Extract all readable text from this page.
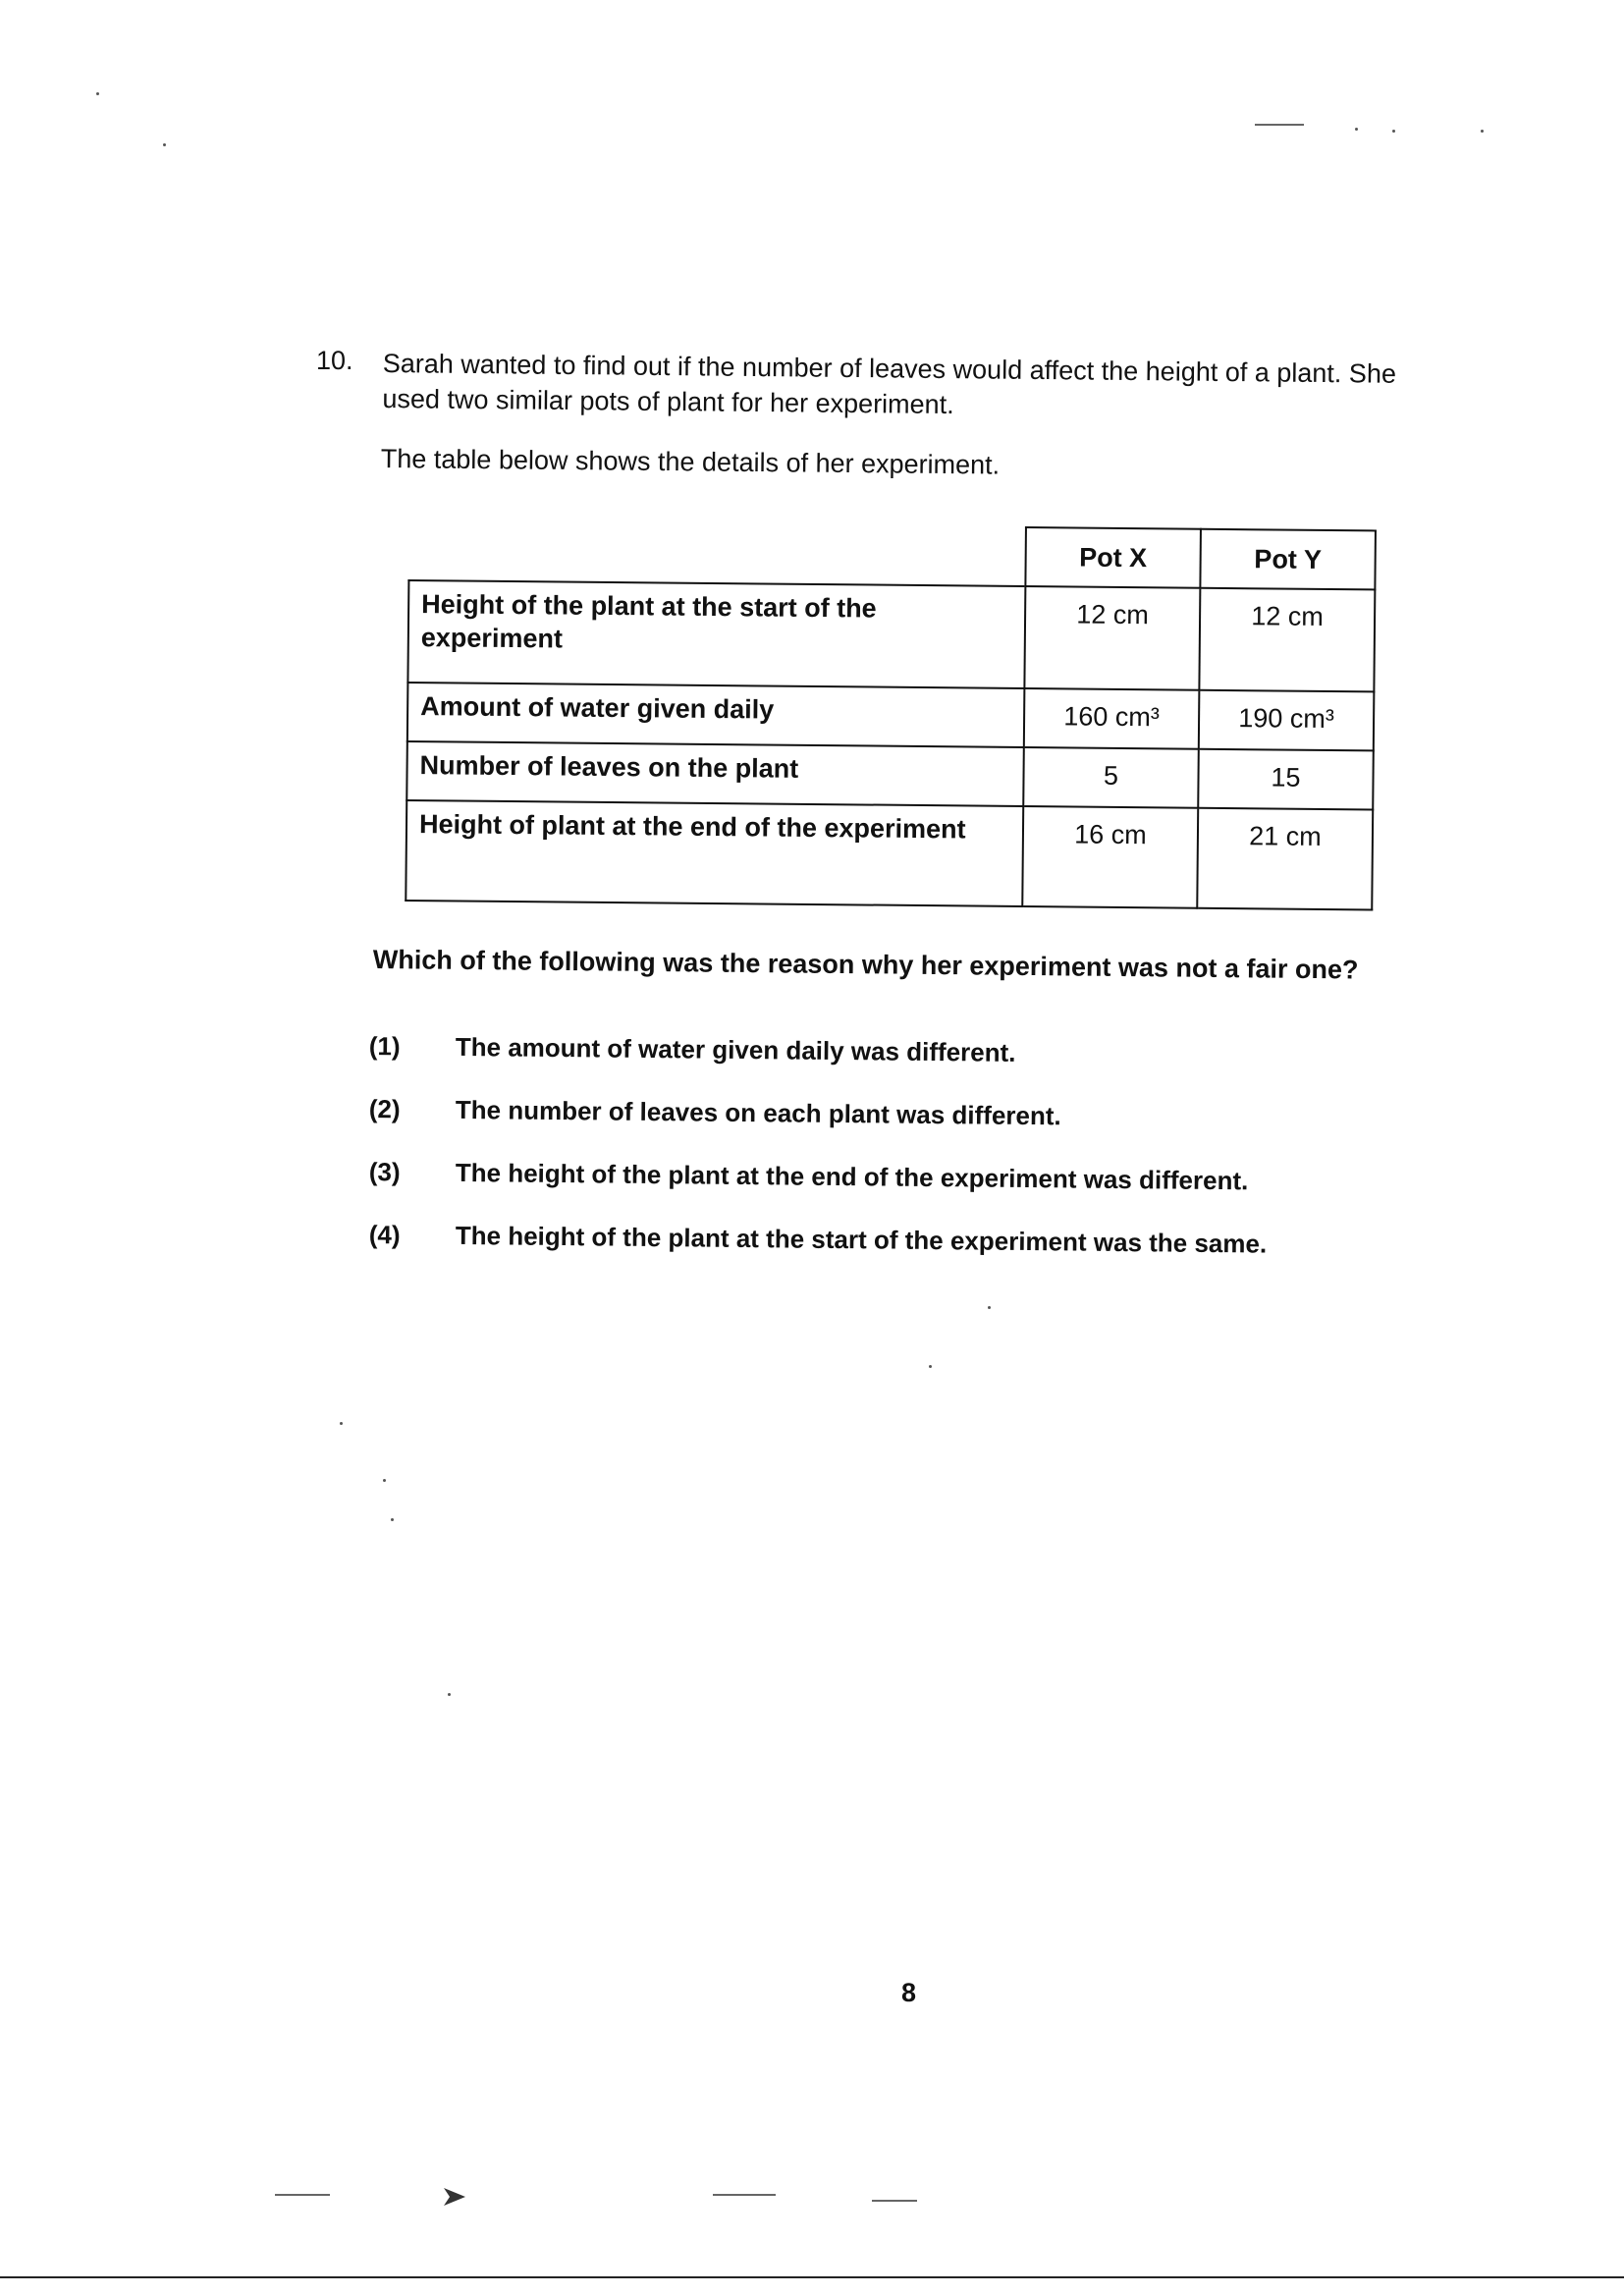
10. Sarah wanted to find out if the number of leaves would affect the height of a plant. She
used two similar pots of plant for her experiment.
The table below shows the details of her experiment.
	Pot X	Pot Y
Height of the plant at the start of the experiment	12 cm	12 cm
Amount of water given daily	160 cm³	190 cm³
Number of leaves on the plant	5	15
Height of plant at the end of the experiment	16 cm	21 cm
Which of the following was the reason why her experiment was not a fair one?
(1) The amount of water given daily was different.
(2) The number of leaves on each plant was different.
(3) The height of the plant at the end of the experiment was different.
(4) The height of the plant at the start of the experiment was the same.
8
